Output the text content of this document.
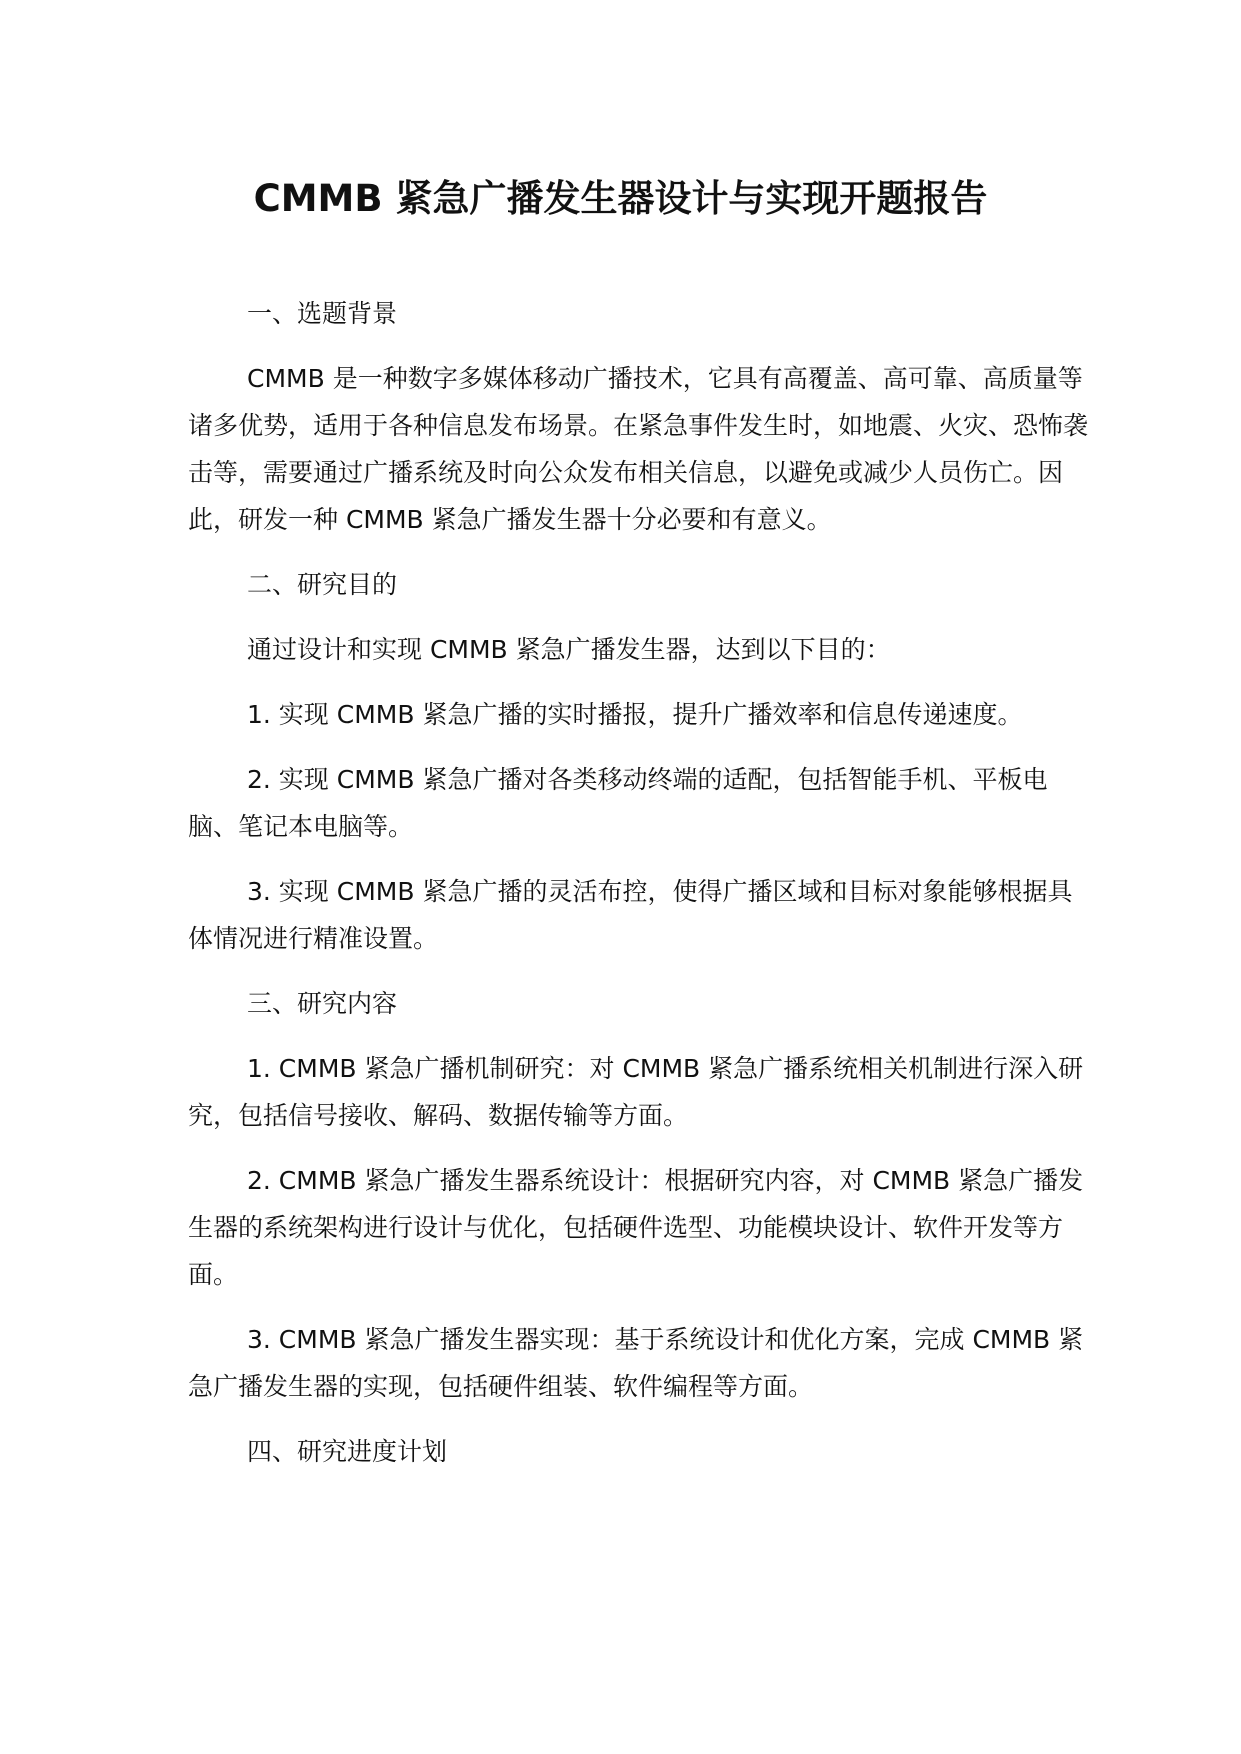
CMMB 紧急广播发生器设计与实现开题报告

一、选题背景

CMMB 是一种数字多媒体移动广播技术，它具有高覆盖、高可靠、高质量等诸多优势，适用于各种信息发布场景。在紧急事件发生时，如地震、火灾、恐怖袭击等，需要通过广播系统及时向公众发布相关信息，以避免或减少人员伤亡。因此，研发一种 CMMB 紧急广播发生器十分必要和有意义。

二、研究目的

通过设计和实现 CMMB 紧急广播发生器，达到以下目的：

1. 实现 CMMB 紧急广播的实时播报，提升广播效率和信息传递速度。

2. 实现 CMMB 紧急广播对各类移动终端的适配，包括智能手机、平板电脑、笔记本电脑等。

3. 实现 CMMB 紧急广播的灵活布控，使得广播区域和目标对象能够根据具体情况进行精准设置。

三、研究内容

1. CMMB 紧急广播机制研究：对 CMMB 紧急广播系统相关机制进行深入研究，包括信号接收、解码、数据传输等方面。

2. CMMB 紧急广播发生器系统设计：根据研究内容，对 CMMB 紧急广播发生器的系统架构进行设计与优化，包括硬件选型、功能模块设计、软件开发等方面。

3. CMMB 紧急广播发生器实现：基于系统设计和优化方案，完成 CMMB 紧急广播发生器的实现，包括硬件组装、软件编程等方面。

四、研究进度计划
